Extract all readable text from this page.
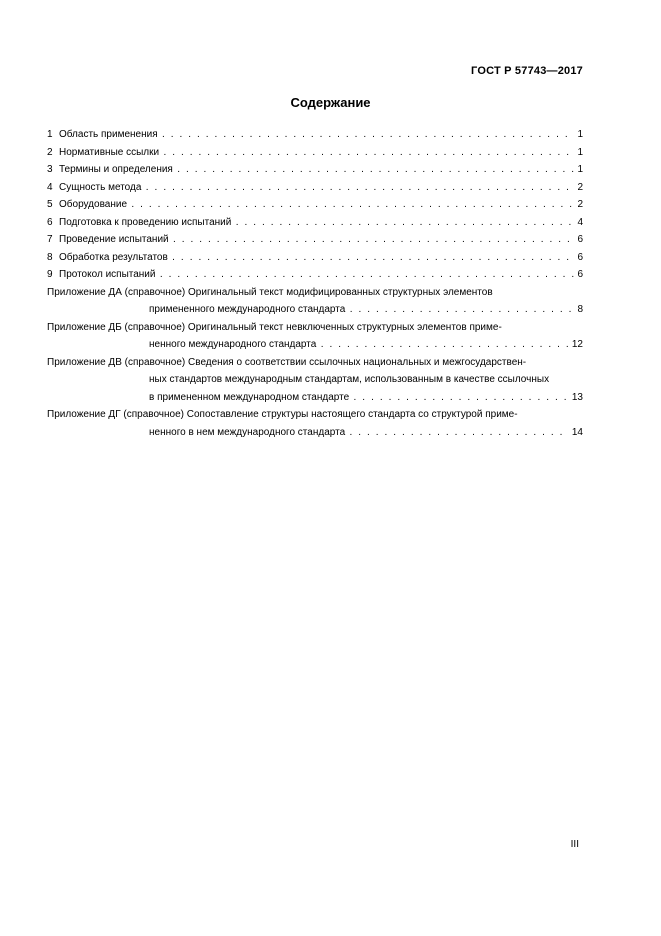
ГОСТ Р 57743—2017
Содержание
1 Область применения . . .	1
2 Нормативные ссылки . . .	1
3 Термины и определения . . .	1
4 Сущность метода . . .	2
5 Оборудование . . .	2
6 Подготовка к проведению испытаний . . .	4
7 Проведение испытаний . . .	6
8 Обработка результатов . . .	6
9 Протокол испытаний . . .	6
Приложение ДА (справочное) Оригинальный текст модифицированных структурных элементов
примененного международного стандарта . . .	8
Приложение ДБ (справочное) Оригинальный текст невключенных структурных элементов приме-
ненного международного стандарта . . .	12
Приложение ДВ (справочное) Сведения о соответствии ссылочных национальных и межгосударствен-
ных стандартов международным стандартам, использованным в качестве ссылочных
в примененном международном стандарте . . .	13
Приложение ДГ (справочное) Сопоставление структуры настоящего стандарта со структурой приме-
ненного в нем международного стандарта . . .	14
III
